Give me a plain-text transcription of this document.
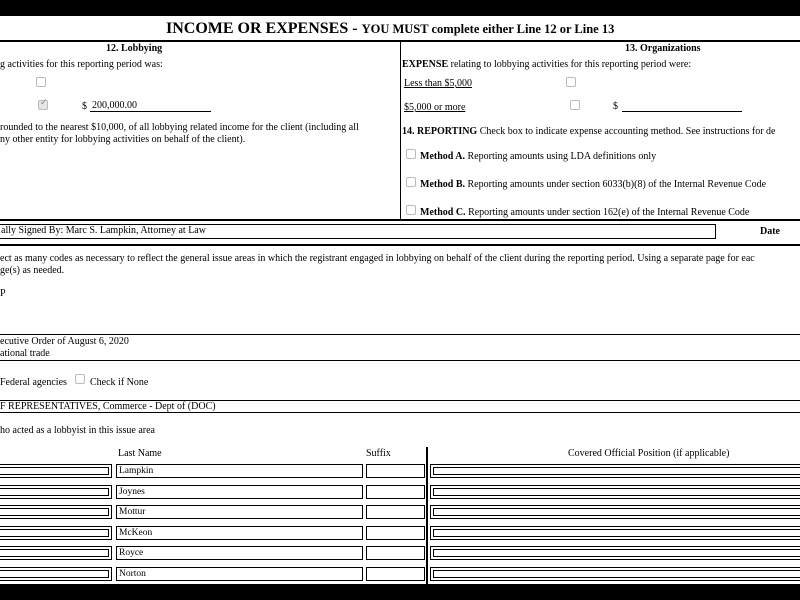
INCOME OR EXPENSES - YOU MUST complete either Line 12 or Line 13
12. Lobbying
g activities for this reporting period was:
✓
$ 200,000.00
rounded to the nearest $10,000, of all lobbying related income for the client (including all
ny other entity for lobbying activities on behalf of the client).
13. Organizations
EXPENSE relating to lobbying activities for this reporting period were:
Less than $5,000
$5,000 or more	$
14. REPORTING Check box to indicate expense accounting method. See instructions for de
Method A. Reporting amounts using LDA definitions only
Method B. Reporting amounts under section 6033(b)(8) of the Internal Revenue Code
Method C. Reporting amounts under section 162(e) of the Internal Revenue Code
ally Signed By: Marc S. Lampkin, Attorney at Law	Date
ect as many codes as necessary to reflect the general issue areas in which the registrant engaged in lobbying on behalf of the client during the reporting period. Using a separate page for eac
ge(s) as needed.
P
ecutive Order of August 6, 2020
ational trade
Federal agencies Check if None
F REPRESENTATIVES, Commerce - Dept of (DOC)
ho acted as a lobbyist in this issue area
Last Name	Suffix	Covered Official Position (if applicable)
Lampkin
Joynes
Mottur
McKeon
Royce
Norton
